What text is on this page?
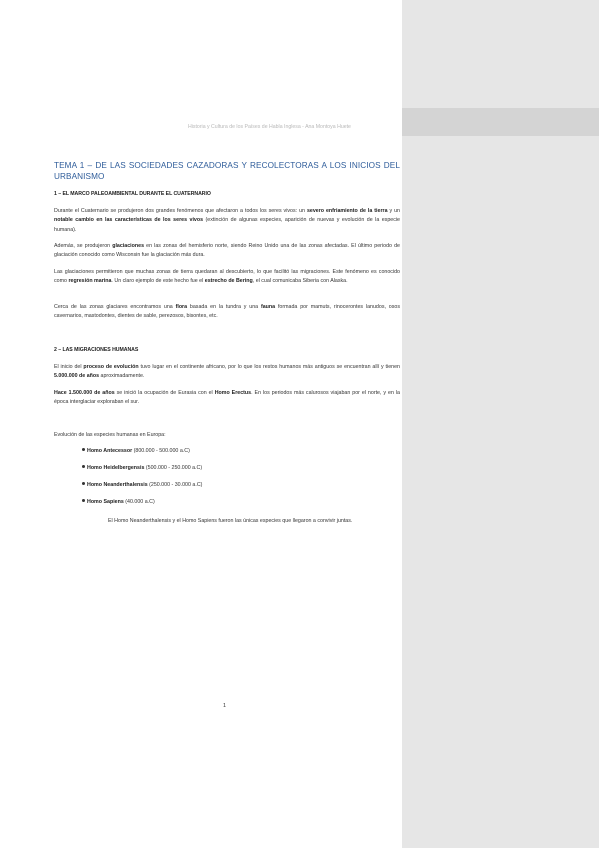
Historia y Cultura de los Países de Habla Inglesa - Ana Montoya Huete
TEMA 1 – DE LAS SOCIEDADES CAZADORAS Y RECOLECTORAS A LOS INICIOS DEL URBANISMO
1 – EL MARCO PALEOAMBIENTAL DURANTE EL CUATERNARIO
Durante el Cuaternario se produjeron dos grandes fenómenos que afectaron a todos los seres vivos: un severo enfriamiento de la tierra y un notable cambio en las características de los seres vivos (extinción de algunas especies, aparición de nuevas y evolución de la especie humana).
Además, se produjeron glaciaciones en las zonas del hemisferio norte, siendo Reino Unido una de las zonas afectadas. El último periodo de glaciación conocido como Wisconsin fue la glaciación más dura.
Las glaciaciones permitieron que muchas zonas de tierra quedaran al descubierto, lo que facilitó las migraciones. Este fenómeno es conocido como regresión marina. Un claro ejemplo de este hecho fue el estrecho de Bering, el cual comunicaba Siberia con Alaska.
Cerca de las zonas glaciares encontramos una flora basada en la tundra y una fauna formada por mamuts, rinocerontes lanudos, osos cavernarios, mastodontes, dientes de sable, perezosos, bisontes, etc.
2 – LAS MIGRACIONES HUMANAS
El inicio del proceso de evolución tuvo lugar en el continente africano, por lo que los restos humanos más antiguos se encuentran allí y tienen 5.000.000 de años aproximadamente.
Hace 1.500.000 de años se inició la ocupación de Eurasia con el Homo Erectus. En los periodos más calurosos viajaban por el norte, y en la época interglaciar exploraban el sur.
Evolución de las especies humanas en Europa:
Homo Antecessor (800.000 - 500.000 a.C)
Homo Heidelbergensis (500.000 - 250.000 a.C)
Homo Neanderthalensis (250.000 - 30.000 a.C)
Homo Sapiens (40.000 a.C)
El Homo Neanderthalensis y el Homo Sapiens fueron las únicas especies que llegaron a convivir juntas.
1
